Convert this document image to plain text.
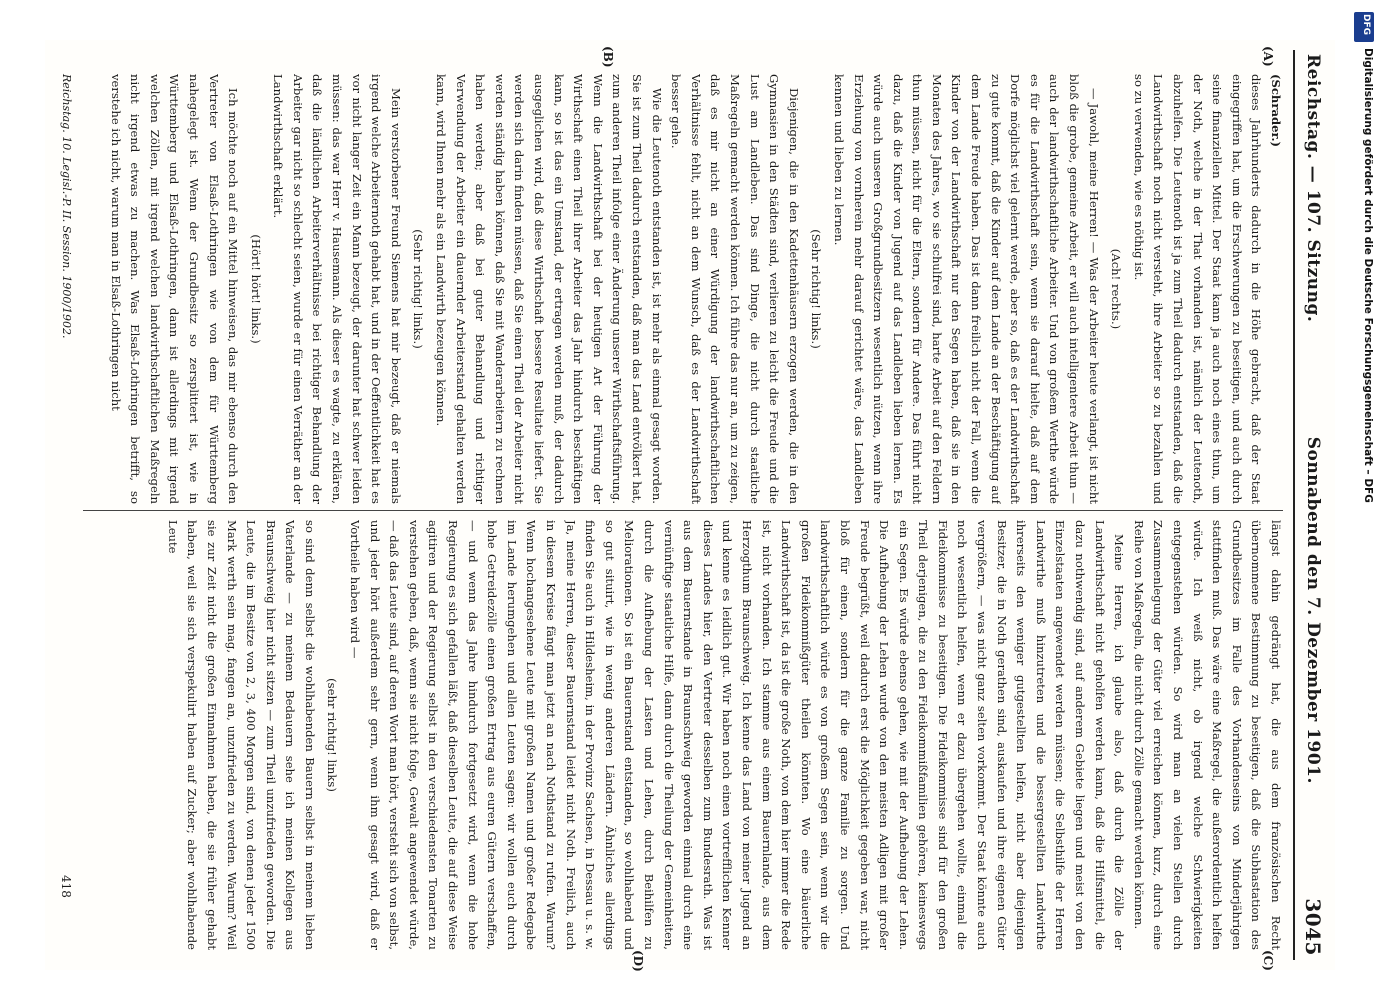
Reichstag. — 107. Sitzung.
Sonnabend den 7. Dezember 1901.
3045
(A)
(B)
(C)
(D)

(Schrader.)

dieses Jahrhunderts dadurch in die Höhe gebracht, daß der Staat eingegriffen hat, um die Erschwerungen zu beseitigen, und auch durch seine finanziellen Mittel. Der Staat kann ja auch noch eines thun, um der Noth, welche in der That vorhanden ist, nämlich der Leutenoth, abzuhelfen. Die Leutenoth ist ja zum Theil dadurch entstanden, daß die Landwirthschaft noch nicht versteht, ihre Arbeiter so zu bezahlen und so zu verwenden, wie es nöthig ist.

(Ach! rechts.)

— Jawohl, meine Herren! — Was der Arbeiter heute verlangt, ist nicht bloß die grobe, gemeine Arbeit, er will auch intelligentere Arbeit thun — auch der landwirthschaftliche Arbeiter. Und von großem Werthe würde es für die Landwirthschaft sein, wenn sie darauf hielte, daß auf dem Dorfe möglichst viel gelernt werde, aber so, daß es der Landwirthschaft zu gute kommt, daß die Kinder auf dem Lande an der Beschäftigung auf dem Lande Freude haben. Das ist dann freilich nicht der Fall, wenn die Kinder von der Landwirthschaft nur den Segen haben, daß sie in den Monaten des Jahres, wo sie schulfrei sind, harte Arbeit auf den Feldern thun müssen, nicht für die Eltern, sondern für Andere. Das führt nicht dazu, daß die Kinder von Jugend auf das Landleben lieben lernen. Es würde auch unseren Großgrundbesitzern wesentlich nützen, wenn ihre Erziehung von vornherein mehr darauf gerichtet wäre, das Landleben kennen und lieben zu lernen.

(Sehr richtig! links.)

Diejenigen, die in den Kadettenhäusern erzogen werden, die in den Gymnasien in den Städten sind, verlieren zu leicht die Freude und die Lust am Landleben. Das sind Dinge, die nicht durch staatliche Maßregeln gemacht werden können. Ich führe das nur an, um zu zeigen, daß es mir nicht an einer Würdigung der landwirthschaftlichen Verhältnisse fehlt, nicht an dem Wunsch, daß es der Landwirthschaft besser gehe.

Wie die Leutenoth entstanden ist, ist mehr als einmal gesagt worden. Sie ist zum Theil dadurch entstanden, daß man das Land entvölkert hat, zum anderen Theil infolge einer Änderung unserer Wirthschaftsführung. Wenn die Landwirthschaft bei der heutigen Art der Führung der Wirthschaft einen Theil ihrer Arbeiter das Jahr hindurch beschäftigen kann, so ist das ein Umstand, der ertragen werden muß, der dadurch ausgeglichen wird, daß diese Wirthschaft bessere Resultate liefert. Sie werden sich darin finden müssen, daß Sie einen Theil der Arbeiter nicht werden ständig haben können, daß Sie mit Wanderarbeitern zu rechnen haben werden; aber daß bei guter Behandlung und richtiger Verwendung der Arbeiter ein dauernder Arbeiterstand gehalten werden kann, wird Ihnen mehr als ein Landwirth bezeugen können.

(Sehr richtig! links.)

Mein verstorbener Freund Siemens hat mir bezeugt, daß er niemals irgend welche Arbeiternoth gehabt hat, und in der Oeffentlichkeit hat es vor nicht langer Zeit ein Mann bezeugt, der darunter hat schwer leiden müssen: das war Herr v. Hausemann. Als dieser es wagte, zu erklären, daß die ländlichen Arbeiterverhältnisse bei richtiger Behandlung der Arbeiter gar nicht so schlecht seien, wurde er für einen Verräther an der Landwirthschaft erklärt.

(Hört! hört! links.)

Ich möchte noch auf ein Mittel hinweisen, das mir ebenso durch den Vertreter von Elsaß-Lothringen wie von dem für Württemberg nahegelegt ist. Wenn der Grundbesitz so zersplittert ist, wie in Württemberg und Elsaß-Lothringen, dann ist allerdings mit irgend welchen Zöllen, mit irgend welchen landwirthschaftlichen Maßregeln nicht irgend etwas zu machen. Was Elsaß-Lothringen betrifft, so verstehe ich nicht, warum man in Elsaß-Lothringen nicht

längst dahin gedrängt hat, die aus dem französischen Recht übernommene Bestimmung zu beseitigen, daß die Subhastation des Grundbesitzes im Falle des Vorhandenseins von Minderjährigen stattfinden muß. Das wäre eine Maßregel, die außerordentlich helfen würde. Ich weiß nicht, ob irgend welche Schwierigkeiten entgegenstehen würden. So wird man an vielen Stellen durch Zusammenlegung der Güter viel erreichen können, kurz, durch eine Reihe von Maßregeln, die nicht durch Zölle gemacht werden können.

Meine Herren, ich glaube also, daß durch die Zölle der Landwirthschaft nicht geholfen werden kann, daß die Hilfsmittel, die dazu nothwendig sind, auf anderem Gebiete liegen und meist von den Einzelstaaten angewendet werden müssen; die Selbsthilfe der Herren Landwirthe muß hinzutreten und die bessergestellten Landwirthe ihrerseits den weniger gutgestellten helfen, nicht aber diejenigen Besitzer, die in Noth gerathen sind, auskaufen und ihre eigenen Güter vergrößern, — was nicht ganz selten vorkommt. Der Staat könnte auch noch wesentlich helfen, wenn er dazu übergehen wollte, einmal die Fideikommisse zu beseitigen. Die Fideikommisse sind für den großen Theil derjenigen, die zu den Fideikommißfamilien gehören, keineswegs ein Segen. Es würde ebenso gehen, wie mit der Aufhebung der Lehen. Die Aufhebung der Lehen wurde von den meisten Adligen mit großer Freude begrüßt, weil dadurch erst die Möglichkeit gegeben war, nicht bloß für einen, sondern für die ganze Familie zu sorgen. Und landwirthschaftlich würde es von großem Segen sein, wenn wir die großen Fideikommißgüter theilen könnten. Wo eine bäuerliche Landwirthschaft ist, da ist die große Noth, von dem hier immer die Rede ist, nicht vorhanden. Ich stamme aus einem Bauernlande, aus dem Herzogthum Braunschweig. Ich kenne das Land von meiner Jugend an und kenne es leidlich gut. Wir haben noch einen vortrefflichen Kenner dieses Landes hier, den Vertreter desselben zum Bundesrath. Was ist aus dem Bauernstande in Braunschweig geworden einmal durch eine vernünftige staatliche Hilfe, dann durch die Theilung der Gemeinheiten, durch die Aufhebung der Lasten und Lehen, durch Beihilfen zu Meliorationen. So ist ein Bauernstand entstanden, so wohlhabend und so gut situirt, wie in wenig anderen Ländern. Ähnliches allerdings finden Sie auch in Hildesheim, in der Provinz Sachsen, in Dessau u. s. w. Ja, meine Herren, dieser Bauernstand leidet nicht Noth. Freilich, auch in diesem Kreise fängt man jetzt an nach Nothstand zu rufen. Warum? Wenn hochangesehene Leute mit großen Namen und großer Redegabe im Lande herumgehen und allen Leuten sagen: wir wollen euch durch hohe Getreidezölle einen großen Ertrag aus euren Gütern verschaffen, — und wenn das Jahre hindurch fortgesetzt wird, wenn die hohe Regierung es sich gefallen läßt, daß dieselben Leute, die auf diese Weise agitiren und der Regierung selbst in den verschiedensten Tonarten zu verstehen geben, daß, wenn sie nicht folge, Gewalt angewendet würde, — daß das Leute sind, auf deren Wort man hört, versteht sich von selbst, und jeder hört außerdem sehr gern, wenn ihm gesagt wird, daß er Vortheile haben wird —

(sehr richtig! links)

so sind denn selbst die wohlhabenden Bauern selbst in meinem lieben Vaterlande — zu meinem Bedauern sehe ich meinen Kollegen aus Braunschweig hier nicht sitzen — zum Theil unzufrieden geworden. Die Leute, die im Besitze von 2, 3, 400 Morgen sind, von denen jeder 1500 Mark werth sein mag, fangen an, unzufrieden zu werden. Warum? Weil sie zur Zeit nicht die großen Einnahmen haben, die sie früher gehabt haben, weil sie sich verspekulirt haben auf Zucker; aber wohlhabende Leute

Reichstag. 10. Legisl.-P. II. Session. 1900/1902.
418
DFG
Digitalisierung gefördert durch die Deutsche Forschungsgemeinschaft – DFG
